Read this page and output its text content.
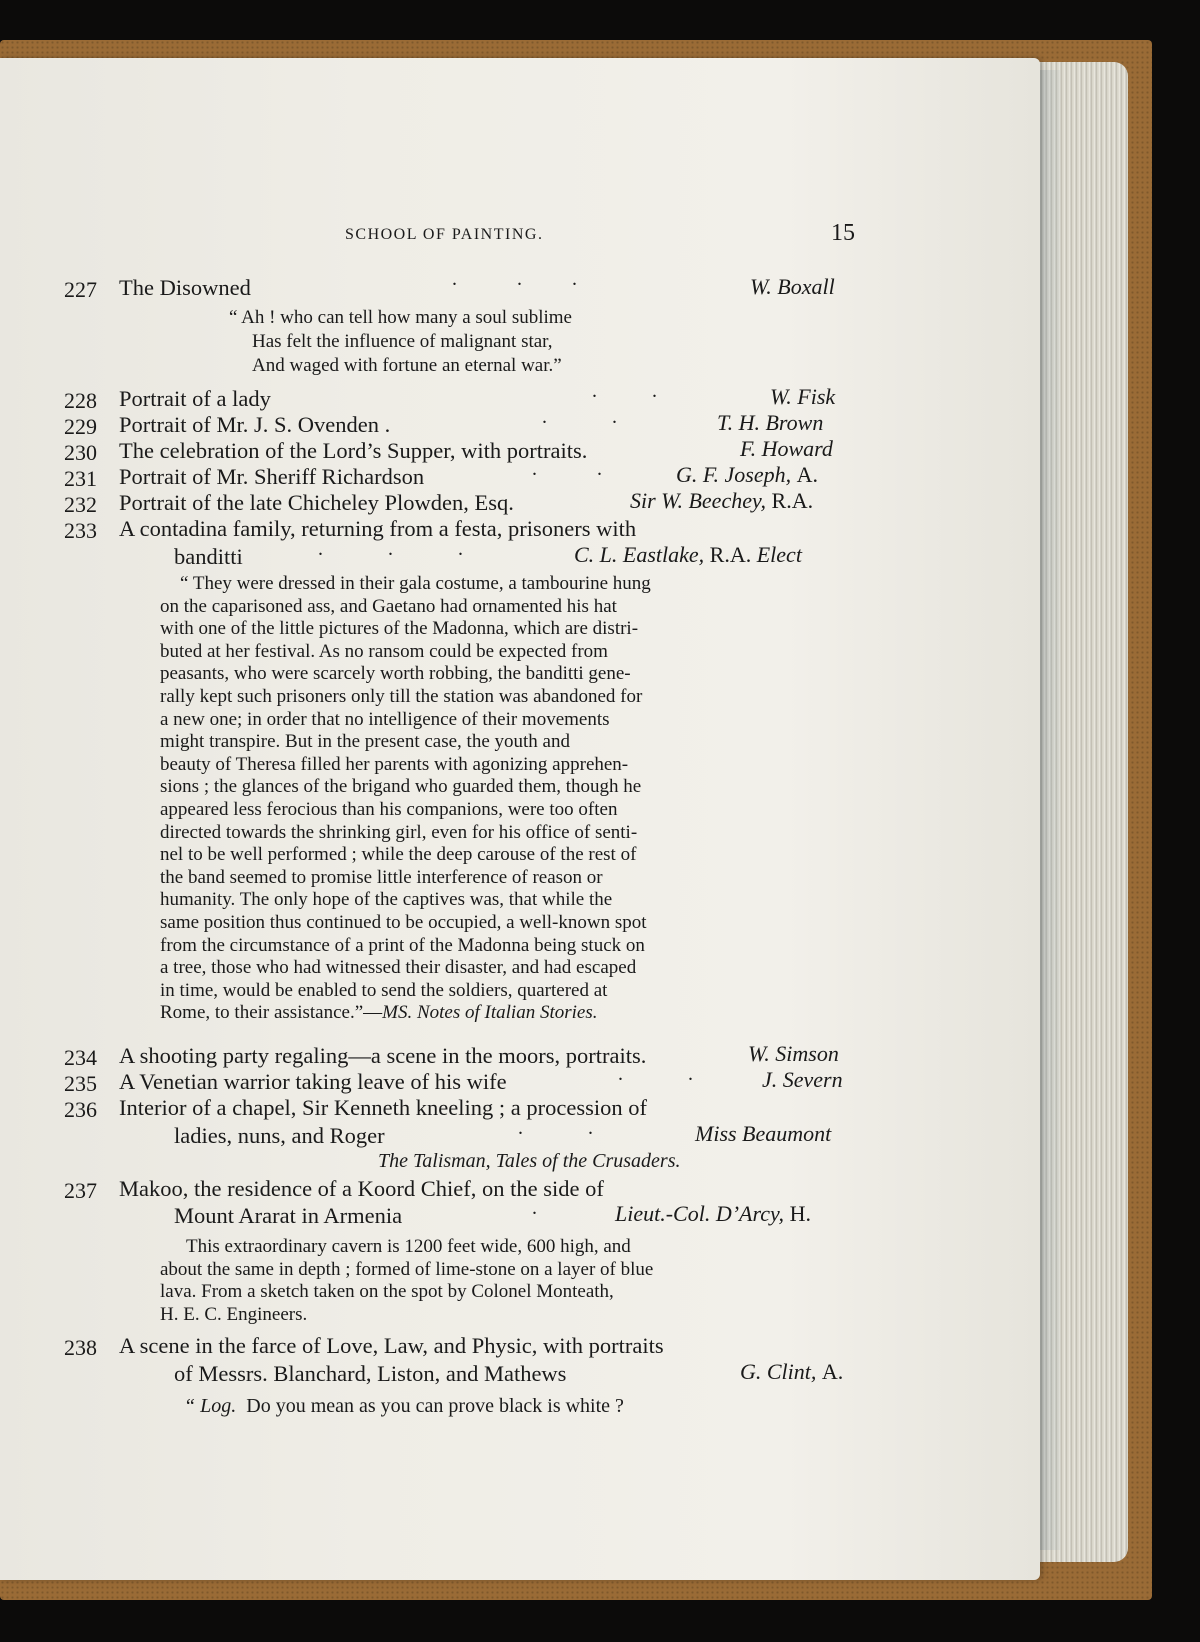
SCHOOL OF PAINTING.	15
227 The Disowned	.            .          .	W. Boxall
“ Ah ! who can tell how many a soul sublime
Has felt the influence of malignant star,
And waged with fortune an eternal war.”
228 Portrait of a lady	.           .	W. Fisk
229 Portrait of Mr. J. S. Ovenden .	.             .	T. H. Brown
230 The celebration of the Lord’s Supper, with portraits.	F. Howard
231 Portrait of Mr. Sheriff Richardson	.            .	G. F. Joseph, A.
232 Portrait of the late Chicheley Plowden, Esq.	Sir W. Beechey, R.A.
233 A contadina family, returning from a festa, prisoners with
banditti	.             .             .	C. L. Eastlake, R.A. Elect

“ They were dressed in their gala costume, a tambourine hung

on the caparisoned ass, and Gaetano had ornamented his hat

with one of the little pictures of the Madonna, which are distri-

buted at her festival. As no ransom could be expected from

peasants, who were scarcely worth robbing, the banditti gene-

rally kept such prisoners only till the station was abandoned for

a new one; in order that no intelligence of their movements

might transpire. But in the present case, the youth and

beauty of Theresa filled her parents with agonizing apprehen-

sions ; the glances of the brigand who guarded them, though he

appeared less ferocious than his companions, were too often

directed towards the shrinking girl, even for his office of senti-

nel to be well performed ; while the deep carouse of the rest of

the band seemed to promise little interference of reason or

humanity. The only hope of the captives was, that while the

same position thus continued to be occupied, a well-known spot

from the circumstance of a print of the Madonna being stuck on

a tree, those who had witnessed their disaster, and had escaped

in time, would be enabled to send the soldiers, quartered at

Rome, to their assistance.”—MS. Notes of Italian Stories.

234 A shooting party regaling—a scene in the moors, portraits.	W. Simson
235 A Venetian warrior taking leave of his wife	.             .	J. Severn
236 Interior of a chapel, Sir Kenneth kneeling ; a procession of
ladies, nuns, and Roger	.             .	Miss Beaumont
The Talisman, Tales of the Crusaders.
237 Makoo, the residence of a Koord Chief, on the side of
Mount Ararat in Armenia	.	Lieut.-Col. D’Arcy, H.

This extraordinary cavern is 1200 feet wide, 600 high, and

about the same in depth ; formed of lime-stone on a layer of blue

lava. From a sketch taken on the spot by Colonel Monteath,

H. E. C. Engineers.

238 A scene in the farce of Love, Law, and Physic, with portraits
of Messrs. Blanchard, Liston, and Mathews	G. Clint, A.
“ Log. Do you mean as you can prove black is white ?
